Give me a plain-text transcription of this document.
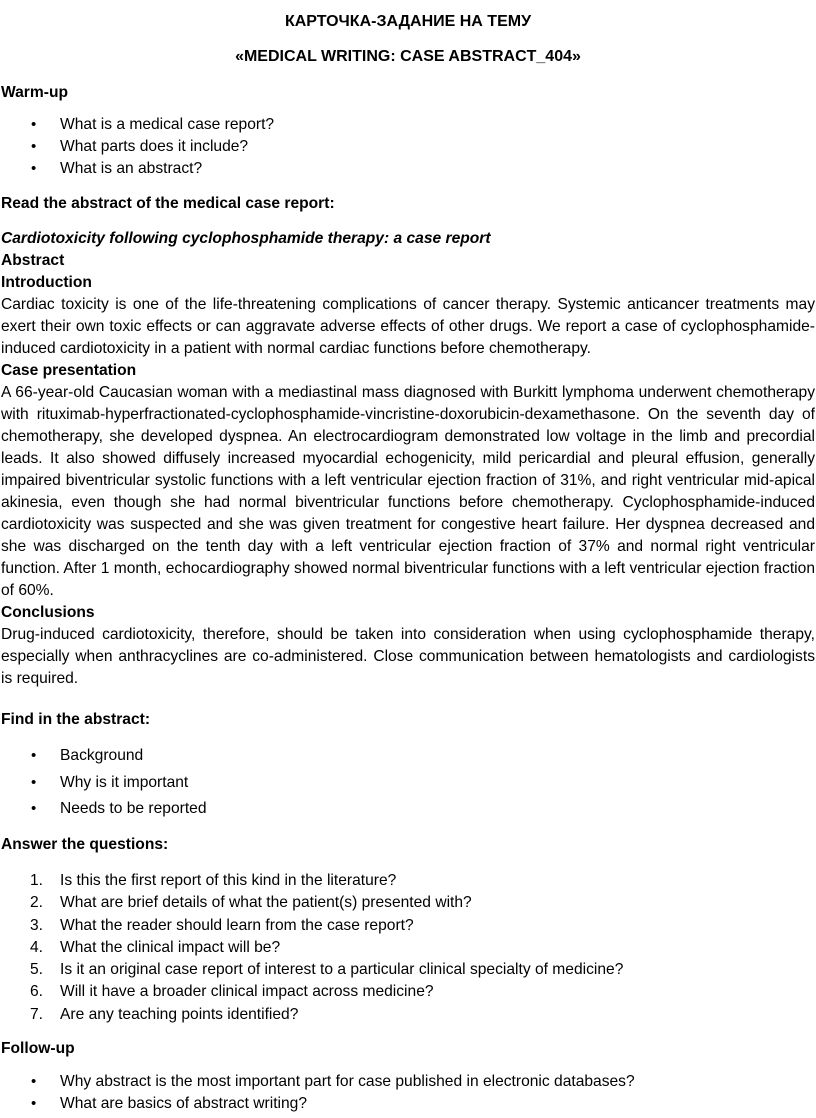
КАРТОЧКА-ЗАДАНИЕ НА ТЕМУ
«MEDICAL WRITING: CASE ABSTRACT_404»
Warm-up
• What is a medical case report?
• What parts does it include?
• What is an abstract?
Read the abstract of the medical case report:

Cardiotoxicity following cyclophosphamide therapy: a case report

Abstract

Introduction

Cardiac toxicity is one of the life-threatening complications of cancer therapy. Systemic anticancer treatments may exert their own toxic effects or can aggravate adverse effects of other drugs. We report a case of cyclophosphamide-induced cardiotoxicity in a patient with normal cardiac functions before chemotherapy.

Case presentation

A 66-year-old Caucasian woman with a mediastinal mass diagnosed with Burkitt lymphoma underwent chemotherapy with rituximab-hyperfractionated-cyclophosphamide-vincristine-doxorubicin-dexamethasone. On the seventh day of chemotherapy, she developed dyspnea. An electrocardiogram demonstrated low voltage in the limb and precordial leads. It also showed diffusely increased myocardial echogenicity, mild pericardial and pleural effusion, generally impaired biventricular systolic functions with a left ventricular ejection fraction of 31%, and right ventricular mid-apical akinesia, even though she had normal biventricular functions before chemotherapy. Cyclophosphamide-induced cardiotoxicity was suspected and she was given treatment for congestive heart failure. Her dyspnea decreased and she was discharged on the tenth day with a left ventricular ejection fraction of 37% and normal right ventricular function. After 1 month, echocardiography showed normal biventricular functions with a left ventricular ejection fraction of 60%.

Conclusions

Drug-induced cardiotoxicity, therefore, should be taken into consideration when using cyclophosphamide therapy, especially when anthracyclines are co-administered. Close communication between hematologists and cardiologists is required.

Find in the abstract:
• Background
• Why is it important
• Needs to be reported
Answer the questions:
1. Is this the first report of this kind in the literature?
2. What are brief details of what the patient(s) presented with?
3. What the reader should learn from the case report?
4. What the clinical impact will be?
5. Is it an original case report of interest to a particular clinical specialty of medicine?
6. Will it have a broader clinical impact across medicine?
7. Are any teaching points identified?
Follow-up
• Why abstract is the most important part for case published in electronic databases?
• What are basics of abstract writing?
